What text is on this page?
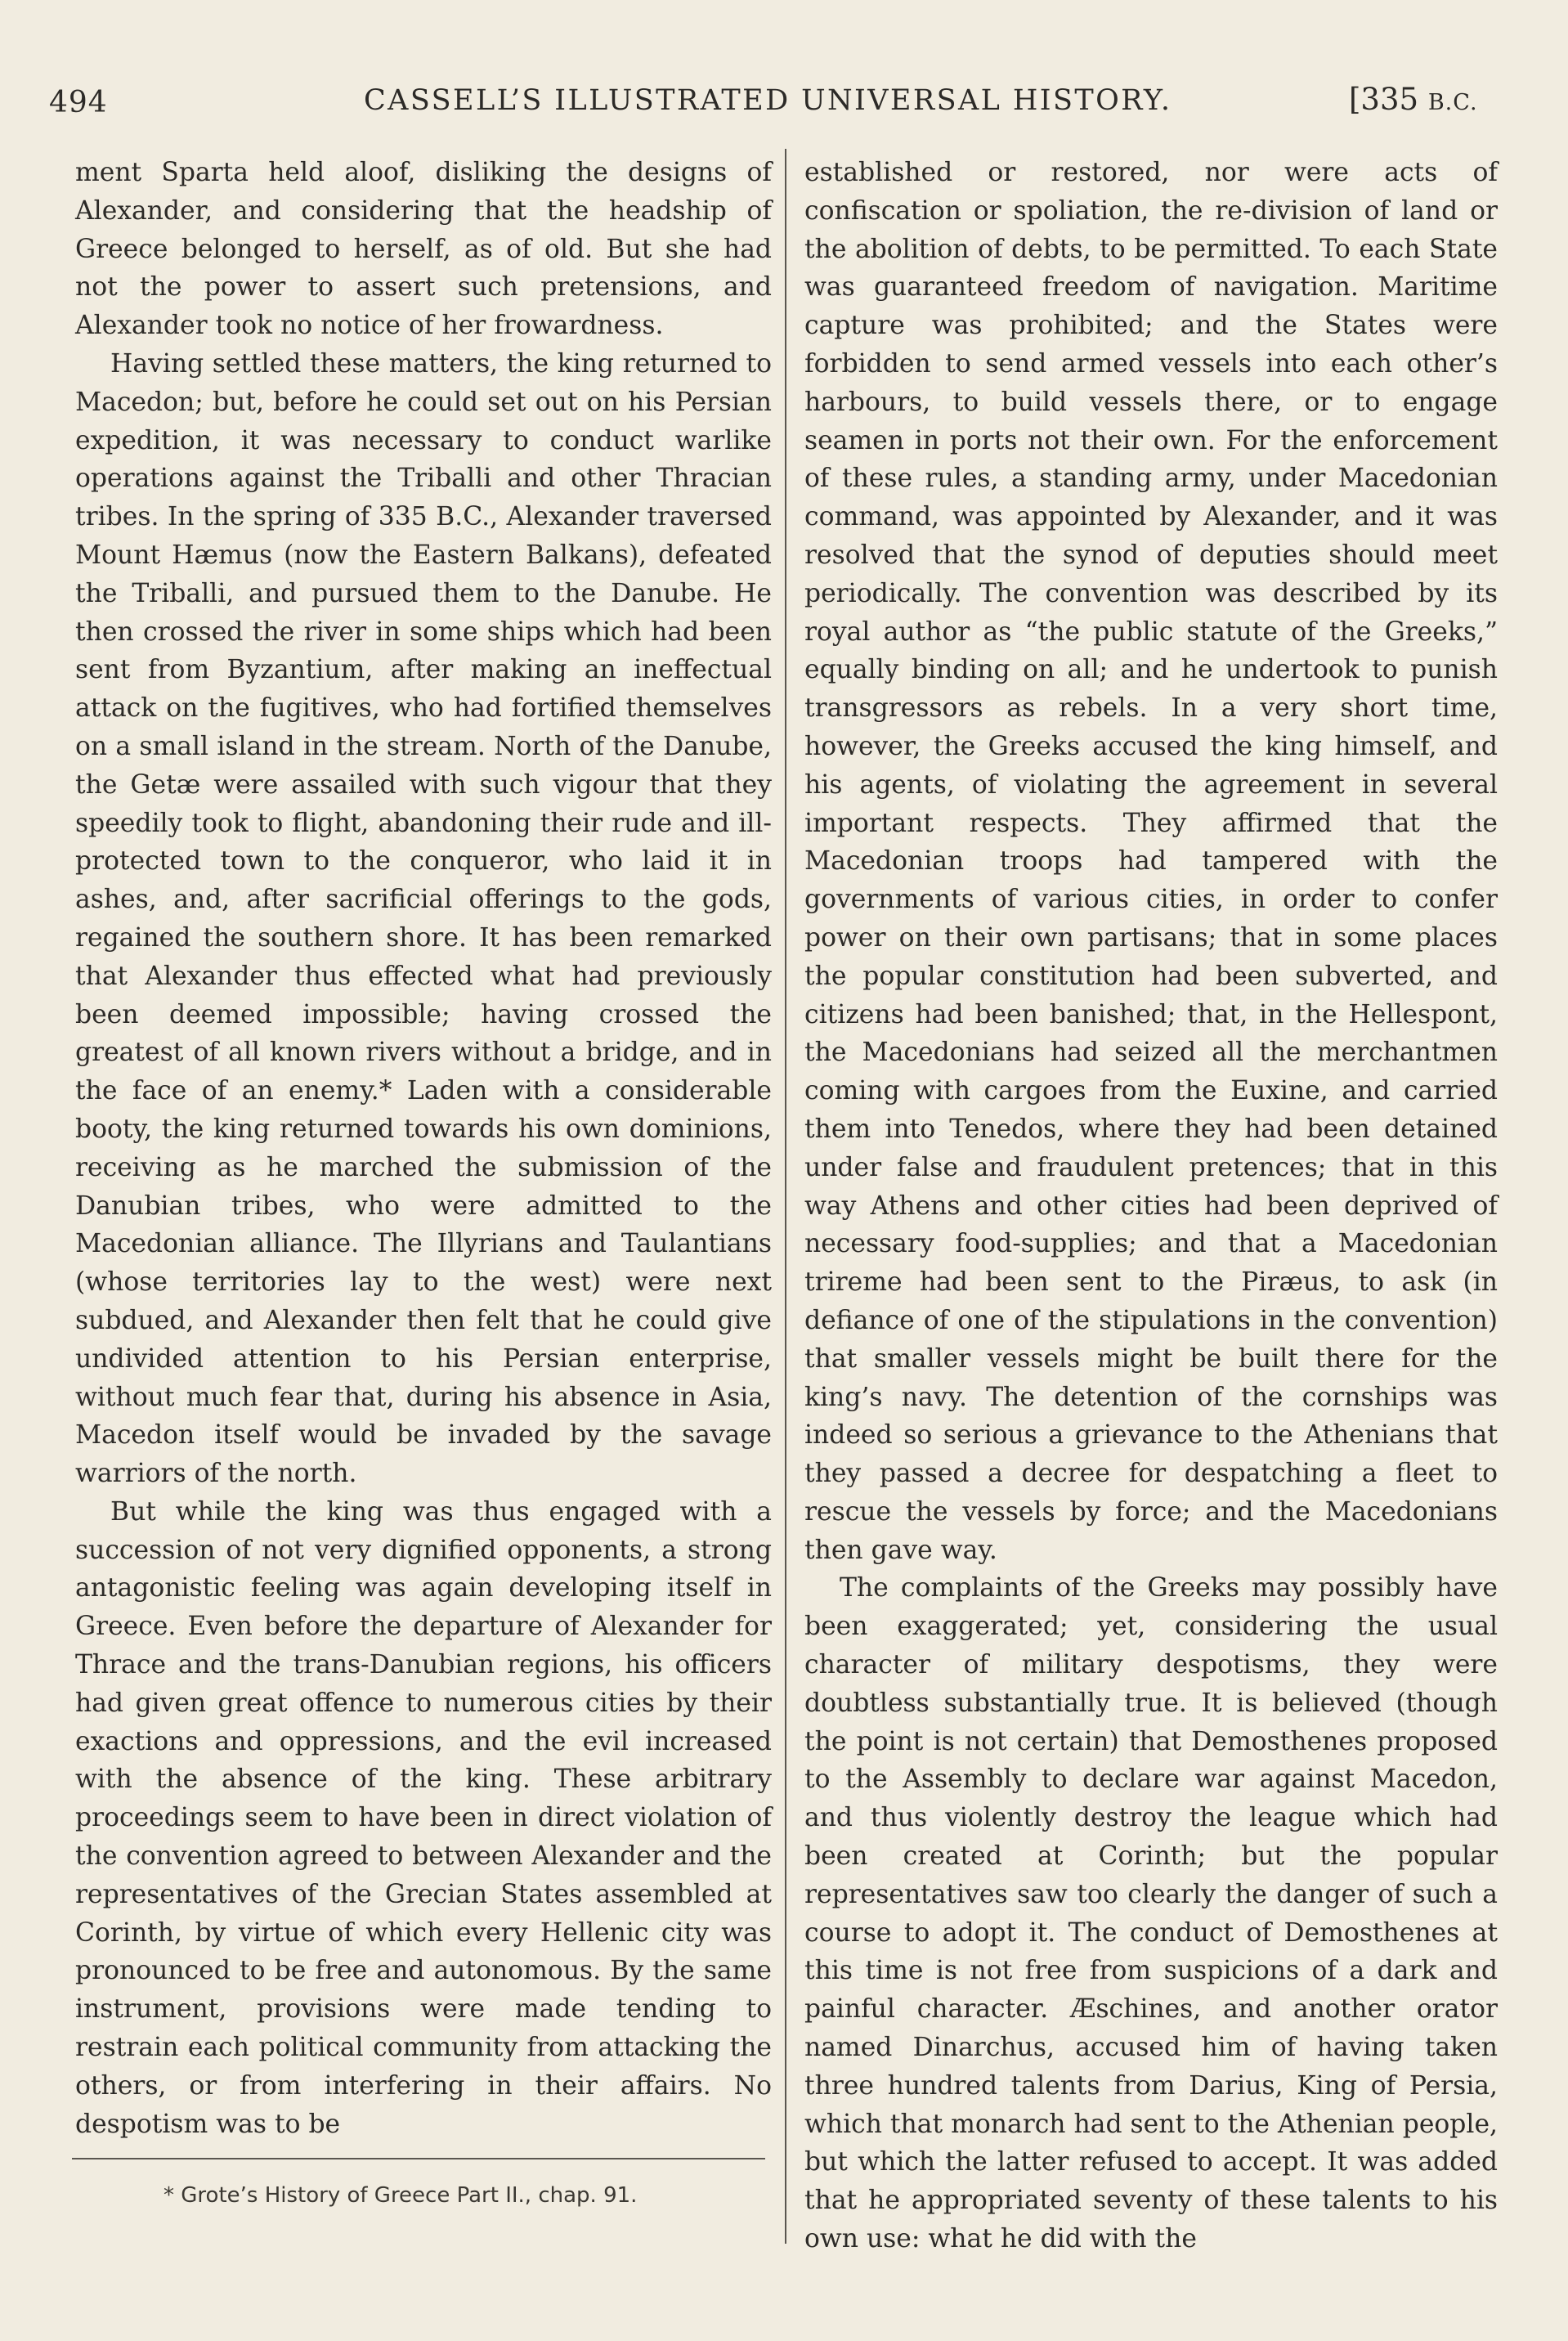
494	CASSELL’S ILLUSTRATED UNIVERSAL HISTORY.	[335 B.C.

ment Sparta held aloof, disliking the designs of Alexander, and considering that the headship of Greece belonged to herself, as of old. But she had not the power to assert such pretensions, and Alexander took no notice of her frowardness.

Having settled these matters, the king returned to Macedon; but, before he could set out on his Persian expedition, it was necessary to conduct warlike operations against the Triballi and other Thracian tribes. In the spring of 335 B.C., Alexander traversed Mount Hæmus (now the Eastern Balkans), defeated the Triballi, and pursued them to the Danube. He then crossed the river in some ships which had been sent from Byzantium, after making an ineffectual attack on the fugitives, who had fortified themselves on a small island in the stream. North of the Danube, the Getæ were assailed with such vigour that they speedily took to flight, abandoning their rude and ill-protected town to the conqueror, who laid it in ashes, and, after sacrificial offerings to the gods, regained the southern shore. It has been remarked that Alexander thus effected what had previously been deemed impossible; having crossed the greatest of all known rivers without a bridge, and in the face of an enemy.* Laden with a considerable booty, the king returned towards his own dominions, receiving as he marched the submission of the Danubian tribes, who were admitted to the Macedonian alliance. The Illyrians and Taulantians (whose territories lay to the west) were next subdued, and Alexander then felt that he could give undivided attention to his Persian enterprise, without much fear that, during his absence in Asia, Macedon itself would be invaded by the savage warriors of the north.

But while the king was thus engaged with a succession of not very dignified opponents, a strong antagonistic feeling was again developing itself in Greece. Even before the departure of Alexander for Thrace and the trans-Danubian regions, his officers had given great offence to numerous cities by their exactions and oppressions, and the evil increased with the absence of the king. These arbitrary proceedings seem to have been in direct violation of the convention agreed to between Alexander and the representatives of the Grecian States assembled at Corinth, by virtue of which every Hellenic city was pronounced to be free and autonomous. By the same instrument, provisions were made tending to restrain each political community from attacking the others, or from interfering in their affairs. No despotism was to be

established or restored, nor were acts of confiscation or spoliation, the re-division of land or the abolition of debts, to be permitted. To each State was guaranteed freedom of navigation. Maritime capture was prohibited; and the States were forbidden to send armed vessels into each other’s harbours, to build vessels there, or to engage seamen in ports not their own. For the enforcement of these rules, a standing army, under Macedonian command, was appointed by Alexander, and it was resolved that the synod of deputies should meet periodically. The convention was described by its royal author as “the public statute of the Greeks,” equally binding on all; and he undertook to punish transgressors as rebels. In a very short time, however, the Greeks accused the king himself, and his agents, of violating the agreement in several important respects. They affirmed that the Macedonian troops had tampered with the governments of various cities, in order to confer power on their own partisans; that in some places the popular constitution had been subverted, and citizens had been banished; that, in the Hellespont, the Macedonians had seized all the merchantmen coming with cargoes from the Euxine, and carried them into Tenedos, where they had been detained under false and fraudulent pretences; that in this way Athens and other cities had been deprived of necessary food-supplies; and that a Macedonian trireme had been sent to the Piræus, to ask (in defiance of one of the stipulations in the convention) that smaller vessels might be built there for the king’s navy. The detention of the cornships was indeed so serious a grievance to the Athenians that they passed a decree for despatching a fleet to rescue the vessels by force; and the Macedonians then gave way.

The complaints of the Greeks may possibly have been exaggerated; yet, considering the usual character of military despotisms, they were doubtless substantially true. It is believed (though the point is not certain) that Demosthenes proposed to the Assembly to declare war against Macedon, and thus violently destroy the league which had been created at Corinth; but the popular representatives saw too clearly the danger of such a course to adopt it. The conduct of Demosthenes at this time is not free from suspicions of a dark and painful character. Æschines, and another orator named Dinarchus, accused him of having taken three hundred talents from Darius, King of Persia, which that monarch had sent to the Athenian people, but which the latter refused to accept. It was added that he appropriated seventy of these talents to his own use: what he did with the

* Grote’s History of Greece Part II., chap. 91.
